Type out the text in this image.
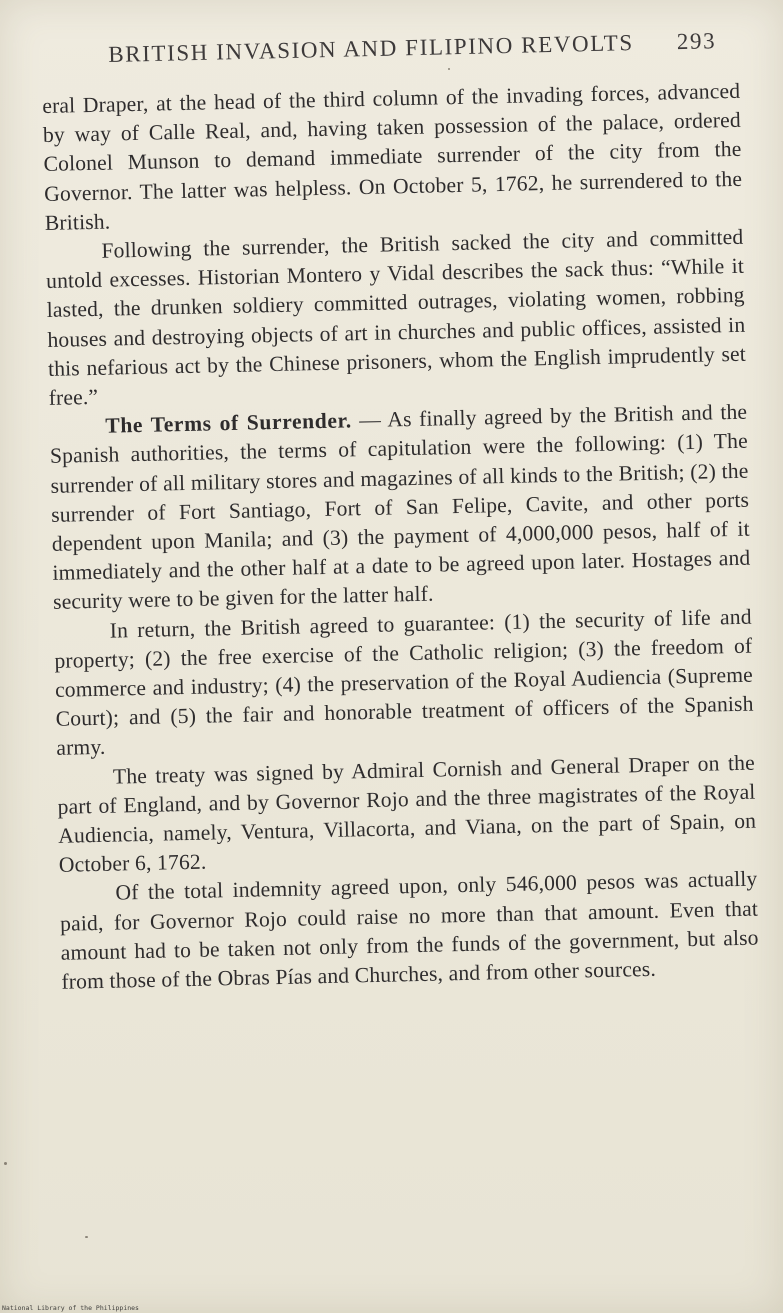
BRITISH INVASION AND FILIPINO REVOLTS 293

eral Draper, at the head of the third column of the invading forces, advanced by way of Calle Real, and, having taken possession of the palace, ordered Colonel Munson to demand immediate surrender of the city from the Governor. The latter was helpless. On October 5, 1762, he surrendered to the British.

Following the surrender, the British sacked the city and committed untold excesses. Historian Montero y Vidal describes the sack thus: “While it lasted, the drunken soldiery committed outrages, violating women, robbing houses and destroying objects of art in churches and public offices, assisted in this nefarious act by the Chinese prisoners, whom the English imprudently set free.”

The Terms of Surrender. — As finally agreed by the British and the Spanish authorities, the terms of capitulation were the following: (1) The surrender of all military stores and magazines of all kinds to the British; (2) the surrender of Fort Santiago, Fort of San Felipe, Cavite, and other ports dependent upon Manila; and (3) the payment of 4,000,000 pesos, half of it immediately and the other half at a date to be agreed upon later. Hostages and security were to be given for the latter half.

In return, the British agreed to guarantee: (1) the security of life and property; (2) the free exercise of the Catholic religion; (3) the freedom of commerce and industry; (4) the preservation of the Royal Audiencia (Supreme Court); and (5) the fair and honorable treatment of officers of the Spanish army.

The treaty was signed by Admiral Cornish and General Draper on the part of England, and by Governor Rojo and the three magistrates of the Royal Audiencia, namely, Ventura, Villacorta, and Viana, on the part of Spain, on October 6, 1762.

Of the total indemnity agreed upon, only 546,000 pesos was actually paid, for Governor Rojo could raise no more than that amount. Even that amount had to be taken not only from the funds of the government, but also from those of the Obras Pías and Churches, and from other sources.

National Library of the Philippines
